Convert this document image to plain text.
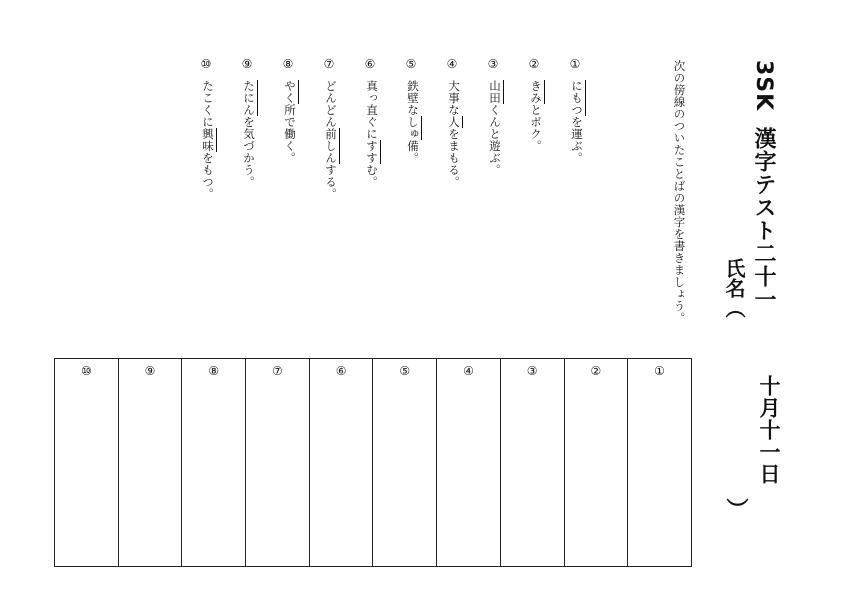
3SK漢字テスト二十一
十月十一日
氏名（
）
次の傍線のついたことばの漢字を書きましょう。
①
にもつを運ぶ。
②
きみとボク。
③
山田くんと遊ぶ。
④
大事な人をまもる。
⑤
鉄壁なしゅ備。
⑥
真っ直ぐにすすむ。
⑦
どんどん前しんする。
⑧
やく所で働く。
⑨
たにんを気づかう。
⑩
たこくに興味をもつ。
⑩	⑨	⑧	⑦	⑥	⑤	④	③	②	①
